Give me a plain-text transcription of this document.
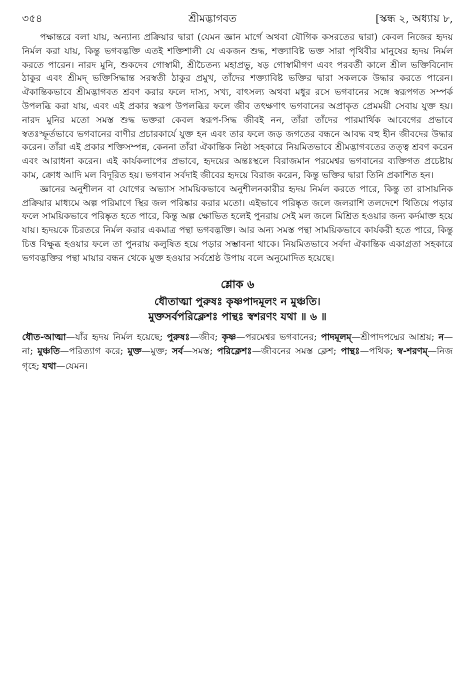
৩৫৪	শ্রীমদ্ভাগবত	[স্কন্ধ ২, অধ্যায় ৮,

পক্ষান্তরে বলা যায়, অন্যান্য প্রক্রিয়ার দ্বারা (যেমন জ্ঞান মার্গে অথবা যৌগিক কসরতের দ্বারা) কেবল নিজের হৃদয় নির্মল করা যায়, কিন্তু ভগবদ্ভক্তি এতই শক্তিশালী যে একজন শুদ্ধ, শক্ত্যাবিষ্ট ভক্ত সারা পৃথিবীর মানুষের হৃদয় নির্মল করতে পারেন। নারদ মুনি, শুকদেব গোস্বামী, শ্রীচৈতন্য মহাপ্রভু, ষড় গোস্বামীগণ এবং পরবর্তী কালে শ্রীল ভক্তিবিনোদ ঠাকুর এবং শ্রীমদ্ ভক্তিসিদ্ধান্ত সরস্বতী ঠাকুর প্রমুখ, তাঁদের শক্ত্যাবিষ্ট ভক্তির দ্বারা সকলকে উদ্ধার করতে পারেন। ঐকান্তিকভাবে শ্রীমদ্ভাগবত শ্রবণ করার ফলে দাস্য, সখ্য, বাৎসল্য অথবা মধুর রসে ভগবানের সঙ্গে স্বরূপগত সম্পর্ক উপলব্ধি করা যায়, এবং এই প্রকার স্বরূপ উপলব্ধির ফলে জীব তৎক্ষণাৎ ভগবানের অপ্রাকৃত প্রেমময়ী সেবায় যুক্ত হয়। নারদ মুনির মতো সমস্ত শুদ্ধ ভক্তরা কেবল স্বরূপ-সিদ্ধ জীবই নন, তাঁরা তাঁদের পারমার্থিক আবেগের প্রভাবে স্বতঃস্ফূর্তভাবে ভগবানের বাণীর প্রচারকার্যে যুক্ত হন এবং তার ফলে জড় জগতের বন্ধনে আবদ্ধ বহু হীন জীবদের উদ্ধার করেন। তাঁরা এই প্রকার শক্তিসম্পন্ন, কেননা তাঁরা ঐকান্তিক নিষ্ঠা সহকারে নিয়মিতভাবে শ্রীমদ্ভাগবতের তত্ত্ব শ্রবণ করেন এবং আরাধনা করেন। এই কার্যকলাপের প্রভাবে, হৃদয়ের অন্তঃস্থলে বিরাজমান পরমেশ্বর ভগবানের ব্যক্তিগত প্রচেষ্টায় কাম, ক্রোধ আদি মল বিদূরিত হয়। ভগবান সর্বদাই জীবের হৃদয়ে বিরাজ করেন, কিন্তু ভক্তির দ্বারা তিনি প্রকাশিত হন।

জ্ঞানের অনুশীলন বা যোগের অভ্যাস সাময়িকভাবে অনুশীলনকারীর হৃদয় নির্মল করতে পারে, কিন্তু তা রাসায়নিক প্রক্রিয়ার মাধ্যমে অল্প পরিমাণে স্থির জল পরিষ্কার করার মতো। এইভাবে পরিষ্কৃত জলে জলরাশি তলদেশে থিতিয়ে পড়ার ফলে সাময়িকভাবে পরিষ্কৃত হতে পারে, কিন্তু অল্প ক্ষোভিত হলেই পুনরায় সেই মল জলে মিশ্রিত হওয়ার জন্য কর্দমাক্ত হয়ে যায়। হৃদয়কে চিরতরে নির্মল করার একমাত্র পন্থা ভগবদ্ভক্তি। আর অন্য সমস্ত পন্থা সাময়িকভাবে কার্যকরী হতে পারে, কিন্তু চিত্ত বিক্ষুব্ধ হওয়ার ফলে তা পুনরায় কলুষিত হয়ে পড়ার সম্ভাবনা থাকে। নিয়মিতভাবে সর্বদা ঐকান্তিক একাগ্রতা সহকারে ভগবদ্ভক্তির পন্থা মায়ার বন্ধন থেকে মুক্ত হওয়ার সর্বশ্রেষ্ঠ উপায় বলে অনুমোদিত হয়েছে।

শ্লোক ৬

ধৌতাত্মা পুরুষঃ কৃষ্ণপাদমূলং ন মুঞ্চতি।

মুক্তসর্বপরিক্লেশঃ পান্থঃ স্বশরণং যথা ॥ ৬ ॥

ধৌত-আত্মা—যাঁর হৃদয় নির্মল হয়েছে; পুরুষঃ—জীব; কৃষ্ণ—পরমেশ্বর ভগবানের; পাদমূলম্—শ্রীপাদপদ্মের আশ্রয়; ন—না; মুঞ্চতি—পরিত্যাগ করে; মুক্ত—মুক্ত; সর্ব—সমস্ত; পরিক্লেশঃ—জীবনের সমস্ত ক্লেশ; পান্থঃ—পথিক; স্ব-শরণম্—নিজ গৃহে; যথা—যেমন।
